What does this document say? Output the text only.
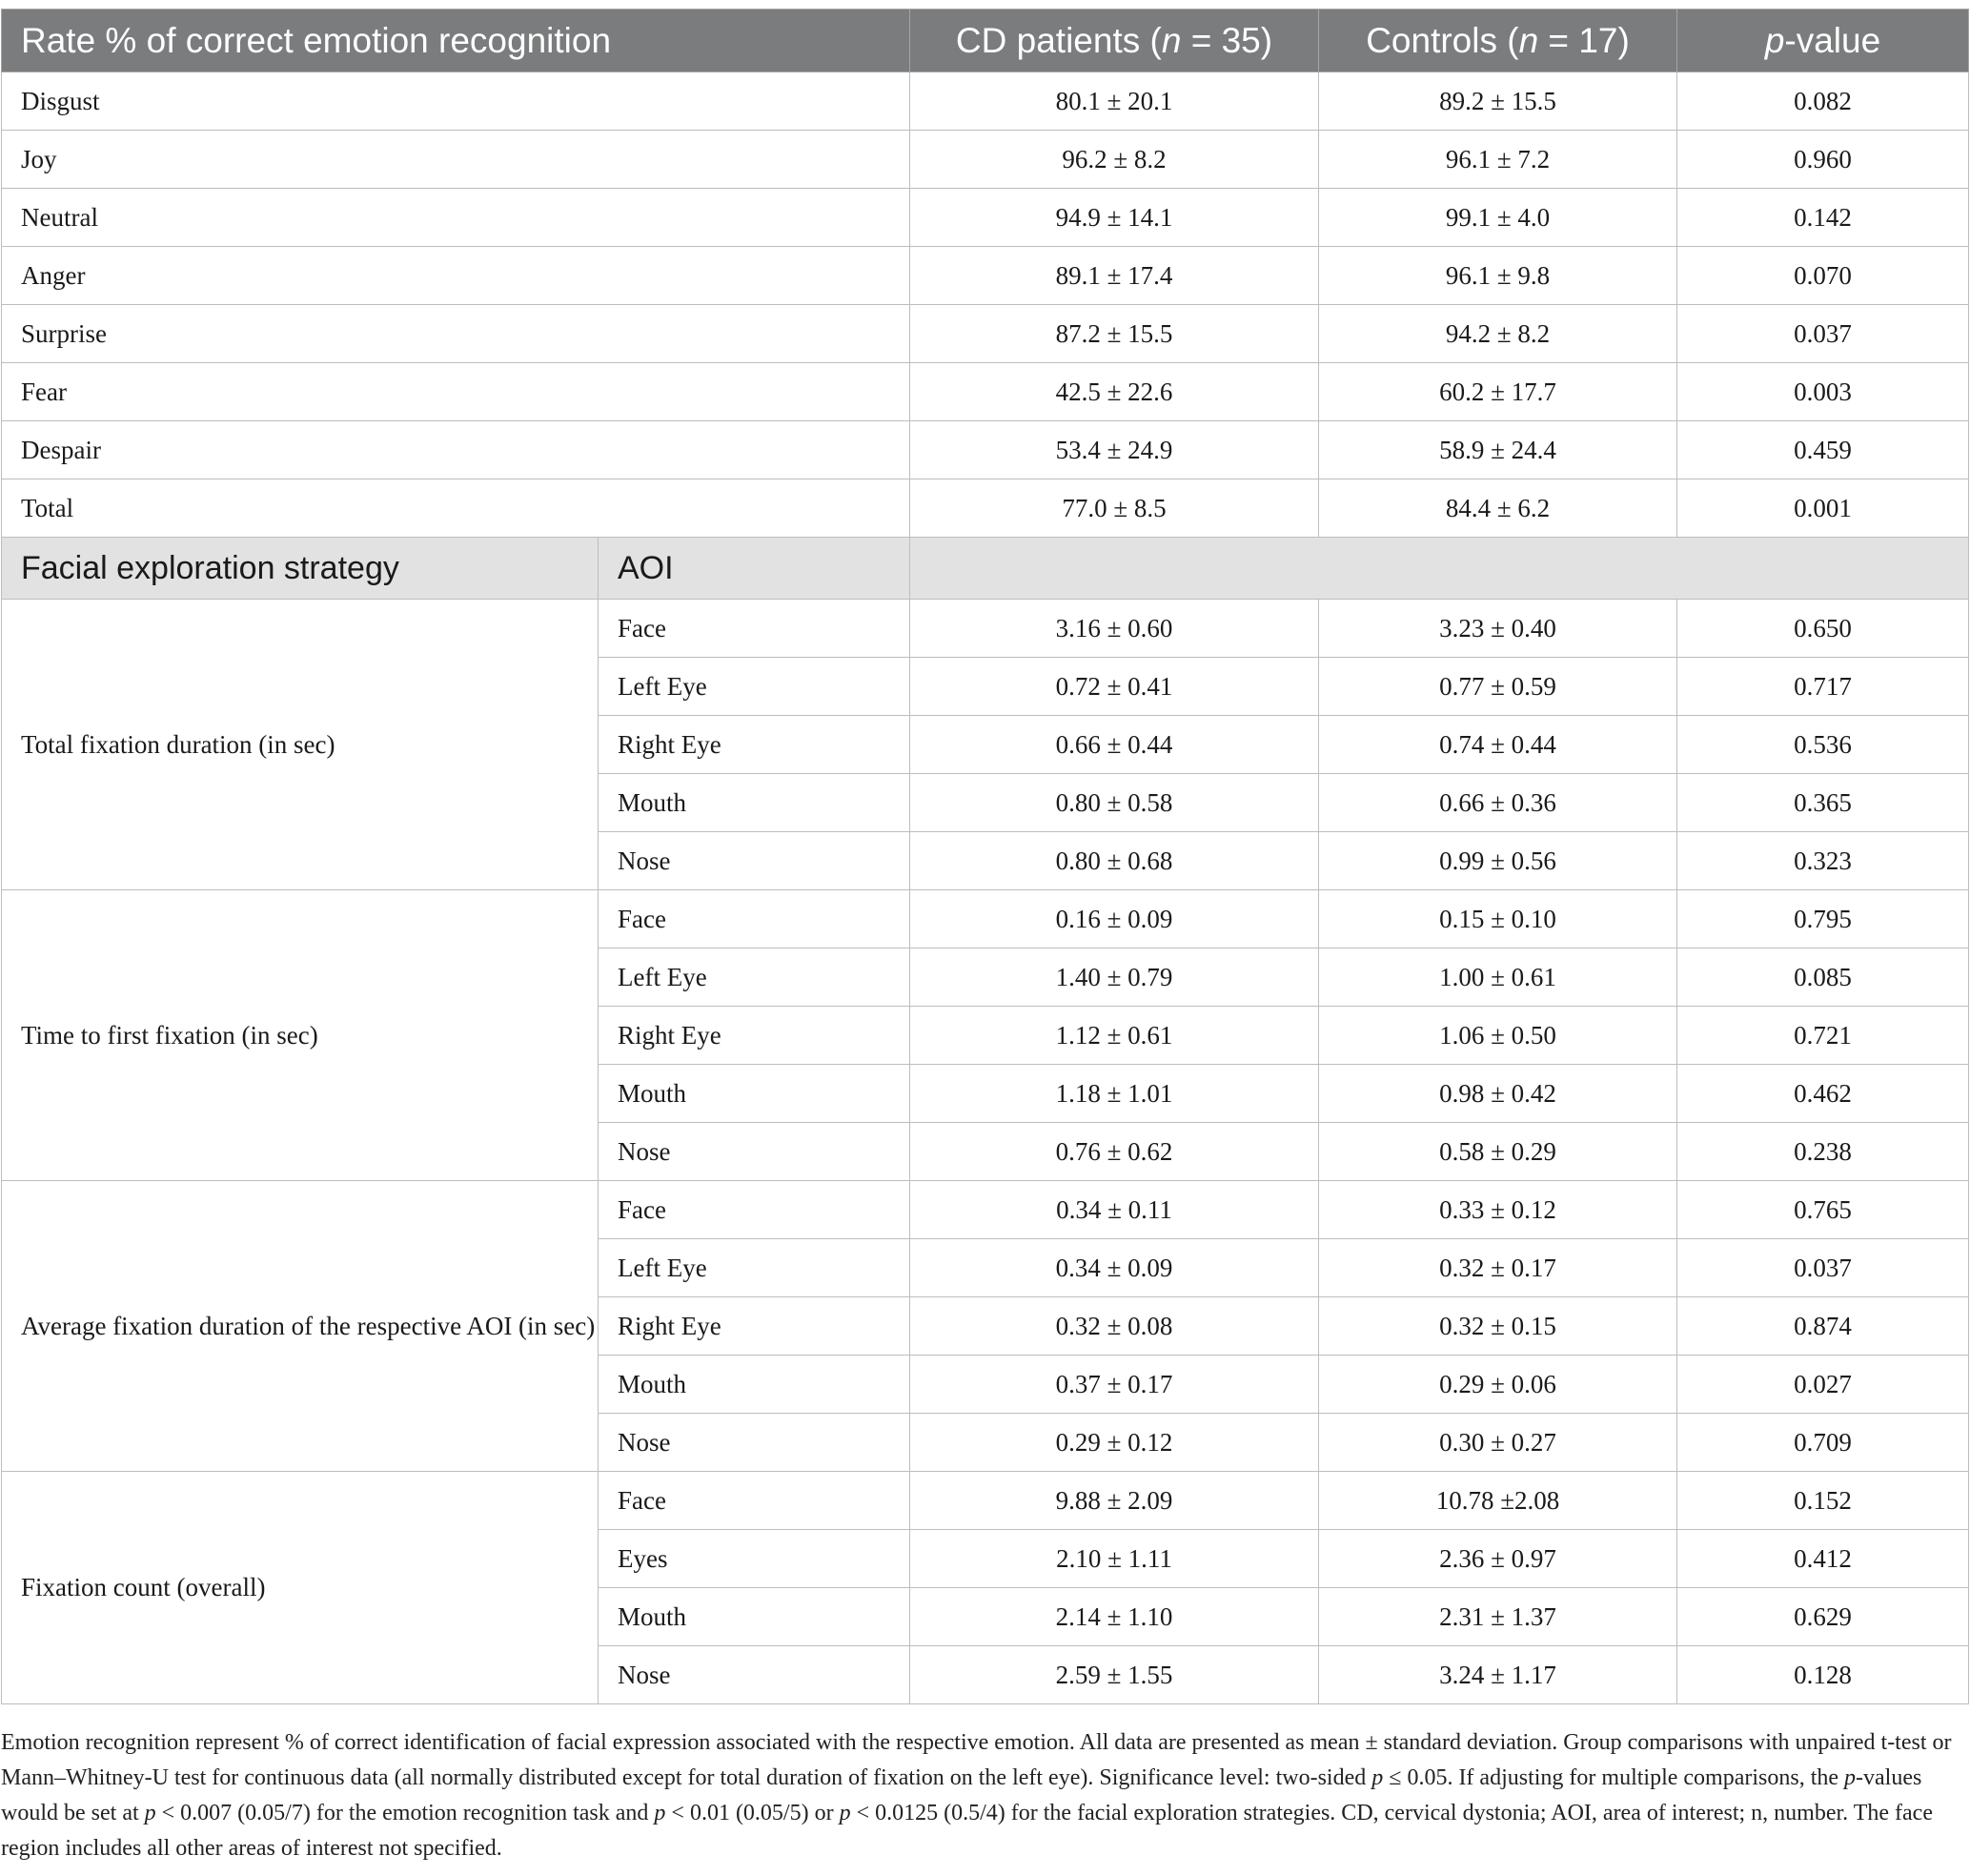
Rate % of correct emotion recognition		CD patients (n = 35)	Controls (n = 17)	p-value
Disgust		80.1 ± 20.1	89.2 ± 15.5	0.082
Joy		96.2 ± 8.2	96.1 ± 7.2	0.960
Neutral		94.9 ± 14.1	99.1 ± 4.0	0.142
Anger		89.1 ± 17.4	96.1 ± 9.8	0.070
Surprise		87.2 ± 15.5	94.2 ± 8.2	0.037
Fear		42.5 ± 22.6	60.2 ± 17.7	0.003
Despair		53.4 ± 24.9	58.9 ± 24.4	0.459
Total		77.0 ± 8.5	84.4 ± 6.2	0.001
Facial exploration strategy	AOI			
Total fixation duration (in sec)	Face	3.16 ± 0.60	3.23 ± 0.40	0.650
	Left Eye	0.72 ± 0.41	0.77 ± 0.59	0.717
	Right Eye	0.66 ± 0.44	0.74 ± 0.44	0.536
	Mouth	0.80 ± 0.58	0.66 ± 0.36	0.365
	Nose	0.80 ± 0.68	0.99 ± 0.56	0.323
Time to first fixation (in sec)	Face	0.16 ± 0.09	0.15 ± 0.10	0.795
	Left Eye	1.40 ± 0.79	1.00 ± 0.61	0.085
	Right Eye	1.12 ± 0.61	1.06 ± 0.50	0.721
	Mouth	1.18 ± 1.01	0.98 ± 0.42	0.462
	Nose	0.76 ± 0.62	0.58 ± 0.29	0.238
Average fixation duration of the respective AOI (in sec)	Face	0.34 ± 0.11	0.33 ± 0.12	0.765
	Left Eye	0.34 ± 0.09	0.32 ± 0.17	0.037
	Right Eye	0.32 ± 0.08	0.32 ± 0.15	0.874
	Mouth	0.37 ± 0.17	0.29 ± 0.06	0.027
	Nose	0.29 ± 0.12	0.30 ± 0.27	0.709
Fixation count (overall)	Face	9.88 ± 2.09	10.78 ±2.08	0.152
	Eyes	2.10 ± 1.11	2.36 ± 0.97	0.412
	Mouth	2.14 ± 1.10	2.31 ± 1.37	0.629
	Nose	2.59 ± 1.55	3.24 ± 1.17	0.128

Emotion recognition represent % of correct identification of facial expression associated with the respective emotion. All data are presented as mean ± standard deviation. Group comparisons with unpaired t-test or Mann–Whitney-U test for continuous data (all normally distributed except for total duration of fixation on the left eye). Significance level: two-sided p ≤ 0.05. If adjusting for multiple comparisons, the p-values would be set at p < 0.007 (0.05/7) for the emotion recognition task and p < 0.01 (0.05/5) or p < 0.0125 (0.5/4) for the facial exploration strategies. CD, cervical dystonia; AOI, area of interest; n, number. The face region includes all other areas of interest not specified.
